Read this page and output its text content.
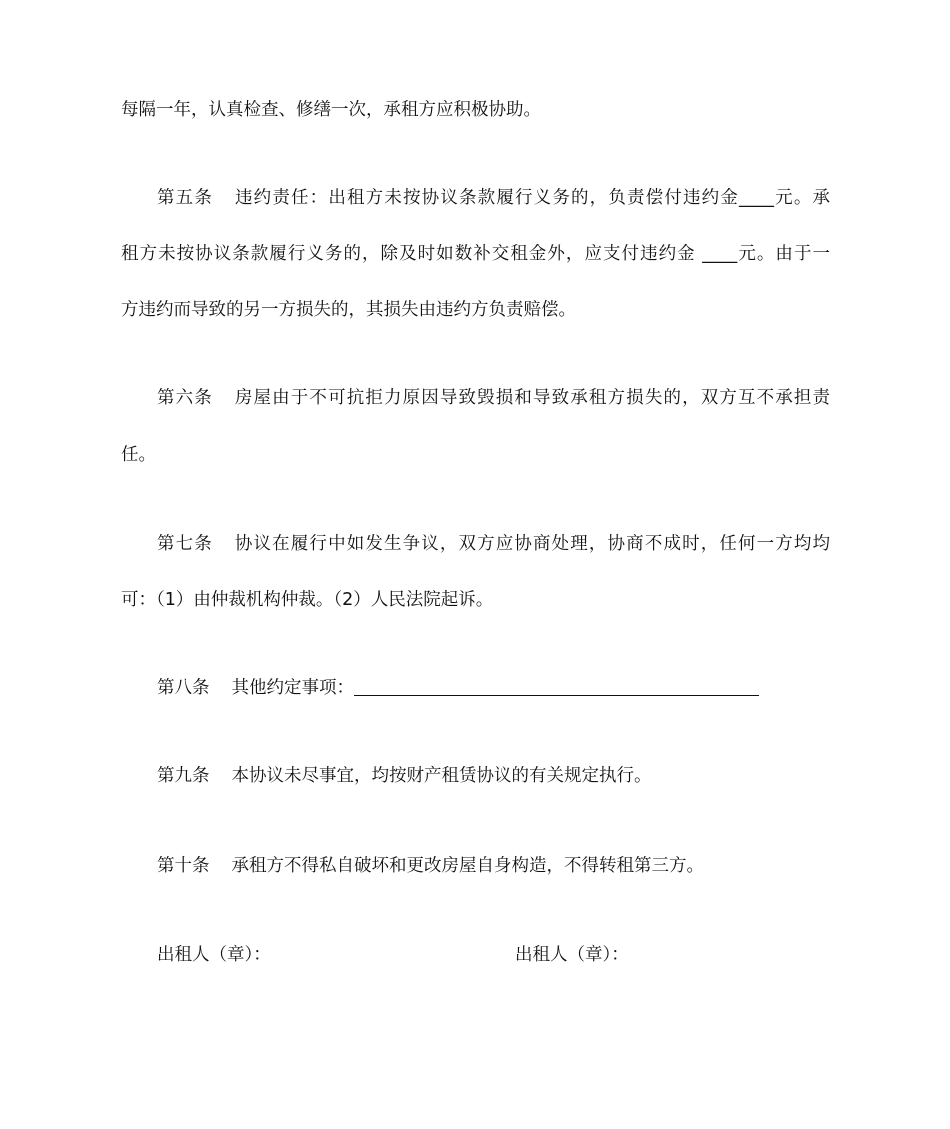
每隔一年，认真检查、修缮一次，承租方应积极协助。
第五条 违约责任：出租方未按协议条款履行义务的，负责偿付违约金____元。承
租方未按协议条款履行义务的，除及时如数补交租金外，应支付违约金 ____元。由于一
方违约而导致的另一方损失的，其损失由违约方负责赔偿。
第六条 房屋由于不可抗拒力原因导致毁损和导致承租方损失的，双方互不承担责
任。
第七条 协议在履行中如发生争议，双方应协商处理，协商不成时，任何一方均均
可：（1）由仲裁机构仲裁。（2）人民法院起诉。
第八条 其他约定事项：
第九条 本协议未尽事宜，均按财产租赁协议的有关规定执行。
第十条 承租方不得私自破坏和更改房屋自身构造，不得转租第三方。
出租人（章）：	出租人（章）：
